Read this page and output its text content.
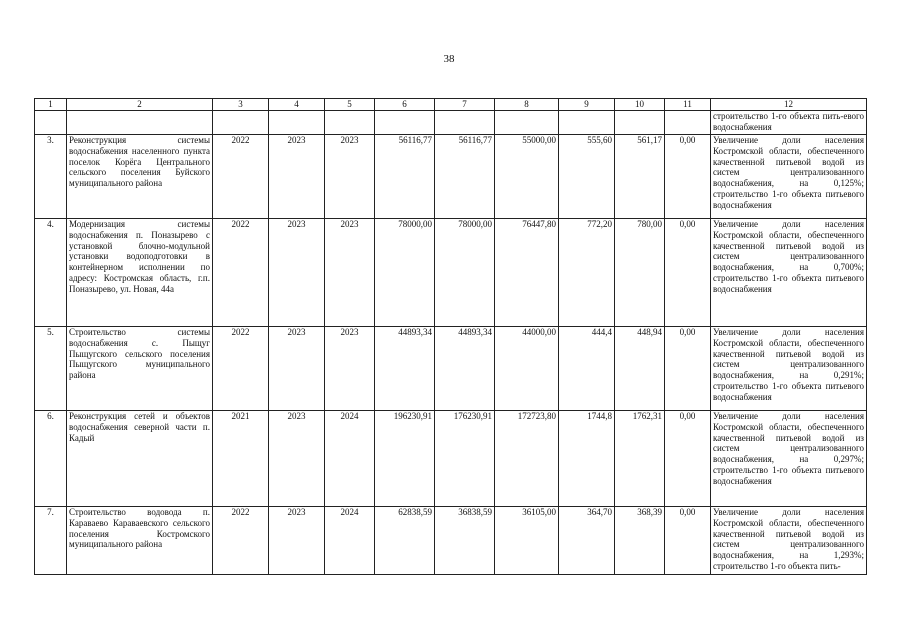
38
1	2	3	4	5	6	7	8	9	10	11	12
											строительство 1-го объекта пить-евого водоснабжения
3.	Реконструкция системы водоснабжения населенного пункта поселок Корёга Центрального сельского поселения Буйского муниципального района	2022	2023	2023	56116,77	56116,77	55000,00	555,60	561,17	0,00	Увеличение доли населения Костромской области, обеспеченного качественной питьевой водой из систем централизованного водоснабжения, на 0,125%; строительство 1-го объекта питьевого водоснабжения
4.	Модернизация системы водоснабжения п. Поназырево с установкой блочно-модульной установки водоподготовки в контейнерном исполнении по адресу: Костромская область, г.п. Поназырево, ул. Новая, 44а	2022	2023	2023	78000,00	78000,00	76447,80	772,20	780,00	0,00	Увеличение доли населения Костромской области, обеспеченного качественной питьевой водой из систем централизованного водоснабжения, на 0,700%; строительство 1-го объекта питьевого водоснабжения
5.	Строительство системы водоснабжения с. Пыщуг Пыщугского сельского поселения Пыщугского муниципального района	2022	2023	2023	44893,34	44893,34	44000,00	444,4	448,94	0,00	Увеличение доли населения Костромской области, обеспеченного качественной питьевой водой из систем централизованного водоснабжения, на 0,291%; строительство 1-го объекта питьевого водоснабжения
6.	Реконструкция сетей и объектов водоснабжения северной части п. Кадый	2021	2023	2024	196230,91	176230,91	172723,80	1744,8	1762,31	0,00	Увеличение доли населения Костромской области, обеспеченного качественной питьевой водой из систем централизованного водоснабжения, на 0,297%; строительство 1-го объекта питьевого водоснабжения
7.	Строительство водовода п. Караваево Караваевского сельского поселения Костромского муниципального района	2022	2023	2024	62838,59	36838,59	36105,00	364,70	368,39	0,00	Увеличение доли населения Костромской области, обеспеченного качественной питьевой водой из систем централизованного водоснабжения, на 1,293%; строительство 1-го объекта пить-
